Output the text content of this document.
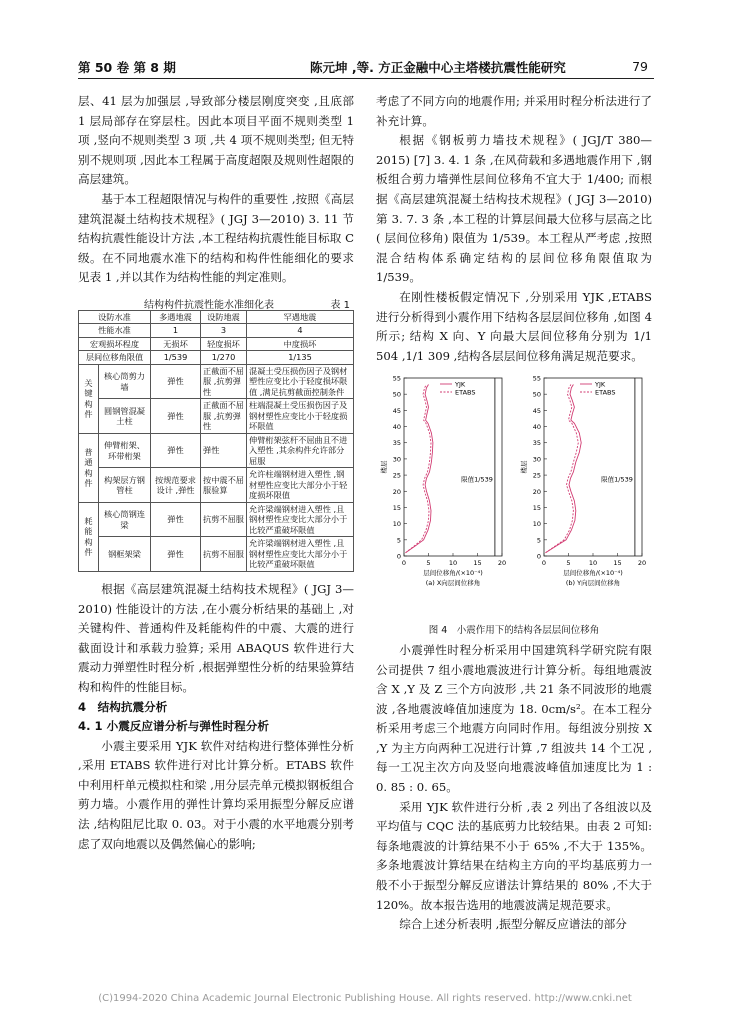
第 50 卷 第 8 期	陈元坤 ,等. 方正金融中心主塔楼抗震性能研究	79

层、41 层为加强层 ,导致部分楼层刚度突变 ,且底部 1 层局部存在穿层柱。因此本项目平面不规则类型 1 项 ,竖向不规则类型 3 项 ,共 4 项不规则类型; 但无特别不规则项 ,因此本工程属于高度超限及规则性超限的高层建筑。

基于本工程超限情况与构件的重要性 ,按照《高层建筑混凝土结构技术规程》( JGJ 3—2010) 3. 11 节结构抗震性能设计方法 ,本工程结构抗震性能目标取 C 级。在不同地震水准下的结构和构件性能细化的要求见表 1 ,并以其作为结构性能的判定准则。

结构构件抗震性能水准细化表	表 1
设防水准		多遇地震	设防地震	罕遇地震
性能水准		1	3	4
宏观损坏程度		无损坏	轻度损坏	中度损坏
层间位移角限值		1/539	1/270	1/135
关键构件	核心筒剪力墙	弹性	正截面不屈服 ,抗剪弹性	混凝土受压损伤因子及钢材塑性应变比小于轻度损坏限值 ,满足抗剪截面控制条件
	圆钢管混凝土柱	弹性	正截面不屈服 ,抗剪弹性	柱端混凝土受压损伤因子及钢材塑性应变比小于轻度损坏限值
普通构件	伸臂桁架、环带桁架	弹性	弹性	伸臂桁架弦杆不屈曲且不进入塑性 ,其余构件允许部分屈服
	构架层方钢管柱	按规范要求设计 ,弹性	按中震不屈服验算	允许柱端钢材进入塑性 ,钢材塑性应变比大部分小于轻度损坏限值
耗能构件	核心筒钢连梁	弹性	抗剪不屈服	允许梁端钢材进入塑性 ,且钢材塑性应变比大部分小于比较严重破坏限值
	钢框架梁	弹性	抗剪不屈服	允许梁端钢材进入塑性 ,且钢材塑性应变比大部分小于比较严重破坏限值

根据《高层建筑混凝土结构技术规程》( JGJ 3—2010) 性能设计的方法 ,在小震分析结果的基础上 ,对关键构件、普通构件及耗能构件的中震、大震的进行截面设计和承载力验算; 采用 ABAQUS 软件进行大震动力弹塑性时程分析 ,根据弹塑性分析的结果验算结构和构件的性能目标。

4　结构抗震分析

4. 1 小震反应谱分析与弹性时程分析

小震主要采用 YJK 软件对结构进行整体弹性分析 ,采用 ETABS 软件进行对比计算分析。ETABS 软件中利用杆单元模拟柱和梁 ,用分层壳单元模拟钢板组合剪力墙。小震作用的弹性计算均采用振型分解反应谱法 ,结构阻尼比取 0. 03。对于小震的水平地震分别考虑了双向地震以及偶然偏心的影响;

考虑了不同方向的地震作用; 并采用时程分析法进行了补充计算。

根据《钢板剪力墙技术规程》( JGJ/T 380—2015) [7] 3. 4. 1 条 ,在风荷载和多遇地震作用下 ,钢板组合剪力墙弹性层间位移角不宜大于 1/400; 而根据《高层建筑混凝土结构技术规程》( JGJ 3—2010) 第 3. 7. 3 条 ,本工程的计算层间最大位移与层高之比( 层间位移角) 限值为 1/539。本工程从严考虑 ,按照混合结构体系确定结构的层间位移角限值取为 1/539。

在刚性楼板假定情况下 ,分别采用 YJK ,ETABS 进行分析得到小震作用下结构各层层间位移角 ,如图 4 所示; 结构 X 向、Y 向最大层间位移角分别为 1/1 504 ,1/1 309 ,结构各层层间位移角满足规范要求。

0
5
10
15
20
25
30
35
40
45
50
55
0	5	10 15 20
楼层
层间位移角/(×10⁻⁴)
(a) X向层间位移角
限值1/539
YJK
ETABS
0
5
10
15
20
25
30
35
40
45
50
55
0	5	10 15 20
楼层
层间位移角/(×10⁻⁴)
(b) Y向层间位移角
限值1/539
YJK
ETABS

图 4　小震作用下的结构各层层间位移角

小震弹性时程分析采用中国建筑科学研究院有限公司提供 7 组小震地震波进行计算分析。每组地震波含 X ,Y 及 Z 三个方向波形 ,共 21 条不同波形的地震波 ,各地震波峰值加速度为 18. 0cm/s²。在本工程分析采用考虑三个地震方向同时作用。每组波分别按 X ,Y 为主方向两种工况进行计算 ,7 组波共 14 个工况 ,每一工况主次方向及竖向地震波峰值加速度比为 1 : 0. 85 : 0. 65。

采用 YJK 软件进行分析 ,表 2 列出了各组波以及平均值与 CQC 法的基底剪力比较结果。由表 2 可知: 每条地震波的计算结果不小于 65% ,不大于 135%。多条地震波计算结果在结构主方向的平均基底剪力一般不小于振型分解反应谱法计算结果的 80% ,不大于 120%。故本报告选用的地震波满足规范要求。

综合上述分析表明 ,振型分解反应谱法的部分

(C)1994-2020 China Academic Journal Electronic Publishing House. All rights reserved. http://www.cnki.net
